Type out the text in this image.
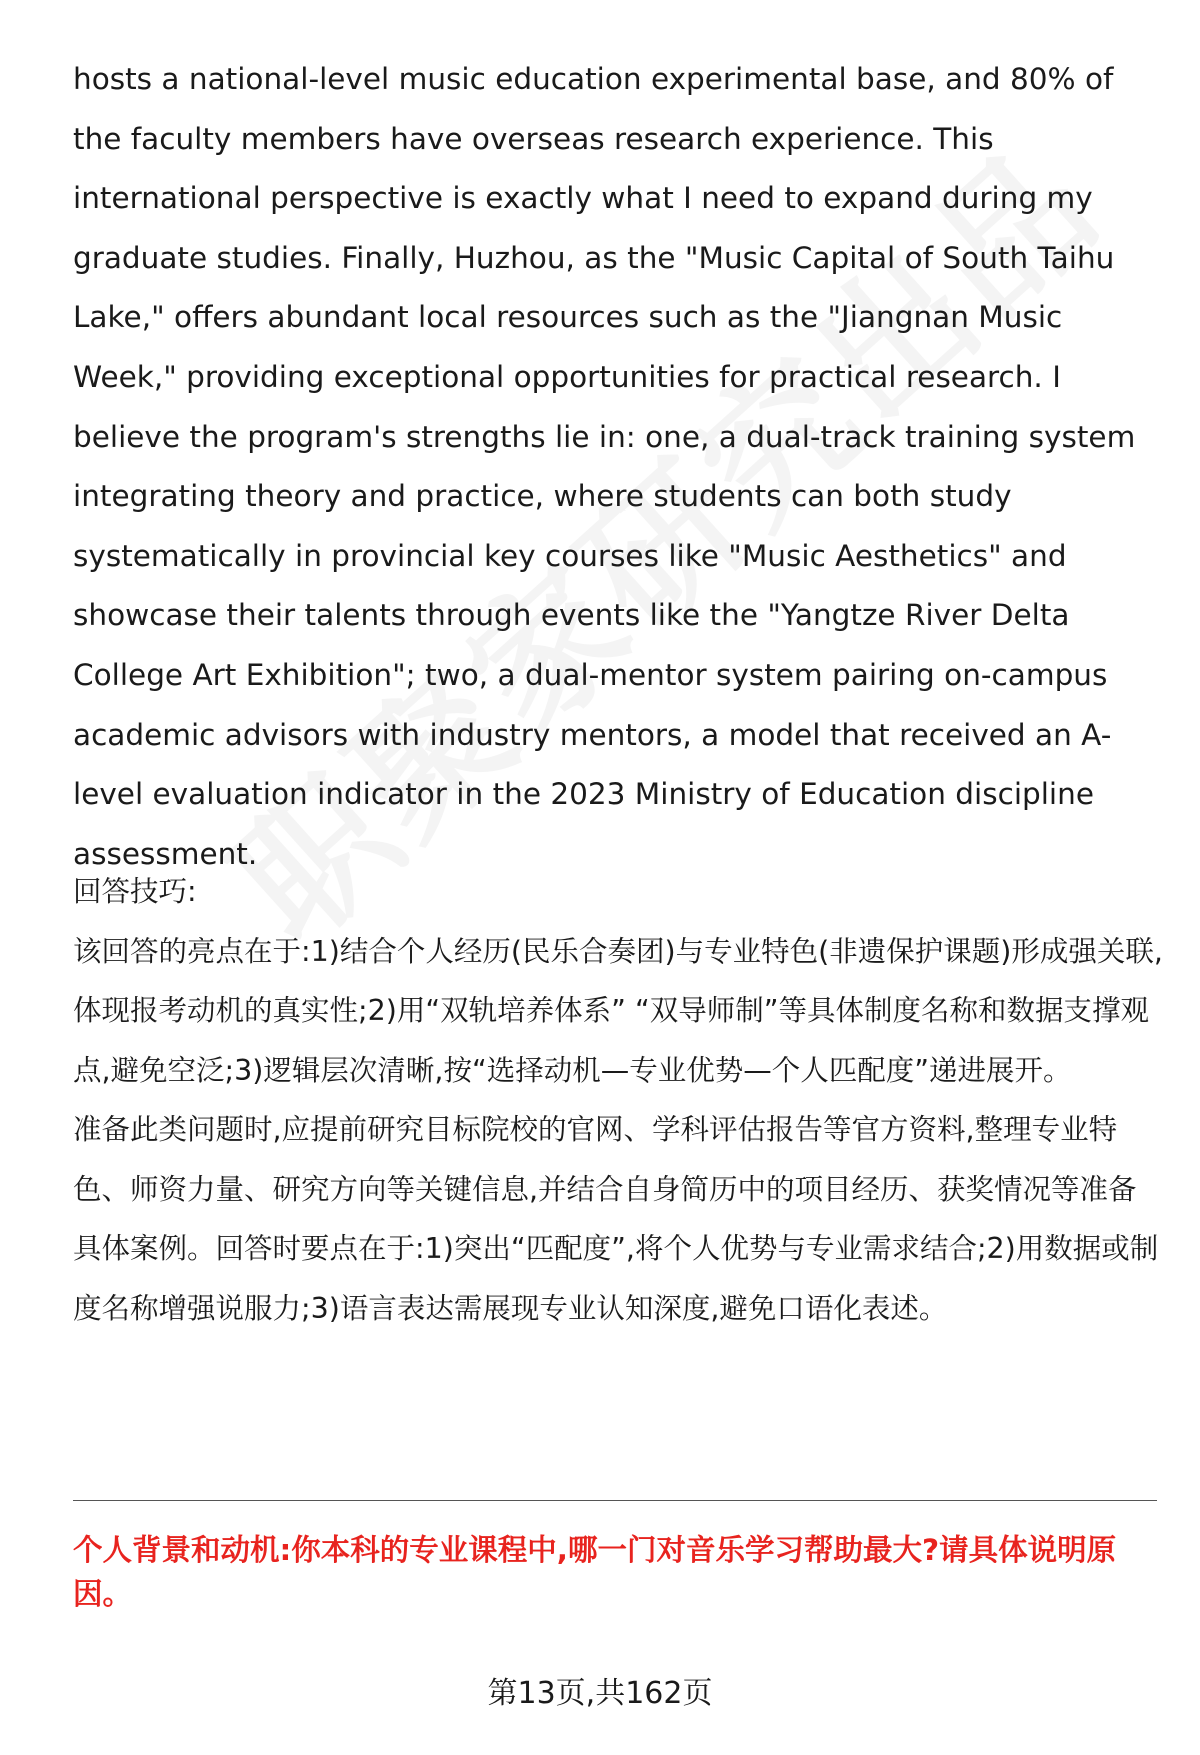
hosts a national-level music education experimental base, and 80% of the faculty members have overseas research experience. This international perspective is exactly what I need to expand during my graduate studies. Finally, Huzhou, as the "Music Capital of South Taihu Lake," offers abundant local resources such as the "Jiangnan Music Week," providing exceptional opportunities for practical research. I believe the program's strengths lie in: one, a dual-track training system integrating theory and practice, where students can both study systematically in provincial key courses like "Music Aesthetics" and showcase their talents through events like the "Yangtze River Delta College Art Exhibition"; two, a dual-mentor system pairing on-campus academic advisors with industry mentors, a model that received an A-level evaluation indicator in the 2023 Ministry of Education discipline assessment.

回答技巧:

该回答的亮点在于:1)结合个人经历(民乐合奏团)与专业特色(非遗保护课题)形成强关联,体现报考动机的真实性;2)用“双轨培养体系” “双导师制”等具体制度名称和数据支撑观点,避免空泛;3)逻辑层次清晰,按“选择动机—专业优势—个人匹配度”递进展开。

准备此类问题时,应提前研究目标院校的官网、学科评估报告等官方资料,整理专业特色、师资力量、研究方向等关键信息,并结合自身简历中的项目经历、获奖情况等准备具体案例。回答时要点在于:1)突出“匹配度”,将个人优势与专业需求结合;2)用数据或制度名称增强说服力;3)语言表达需展现专业认知深度,避免口语化表述。

个人背景和动机:你本科的专业课程中,哪一门对音乐学习帮助最大?请具体说明原因。

第13页,共162页
